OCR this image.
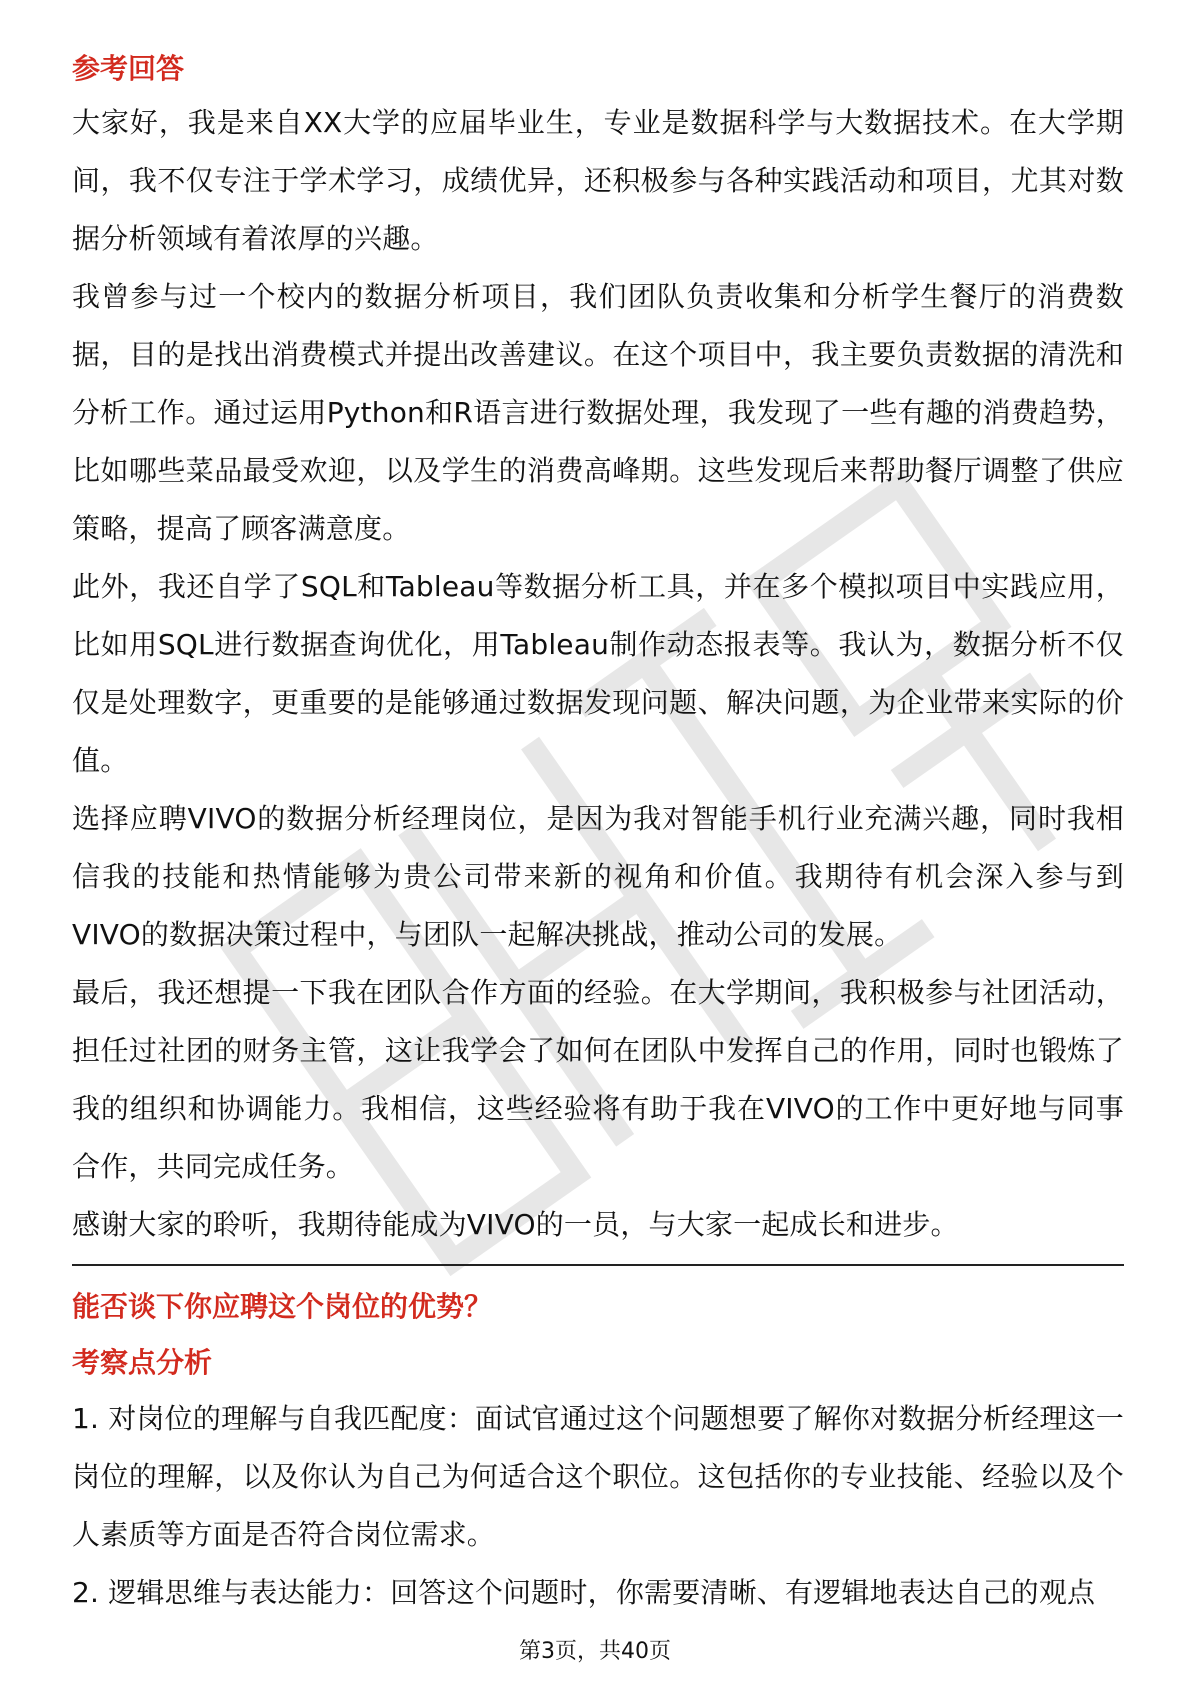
参考回答

大家好，我是来自XX大学的应届毕业生，专业是数据科学与大数据技术。在大学期间，我不仅专注于学术学习，成绩优异，还积极参与各种实践活动和项目，尤其对数据分析领域有着浓厚的兴趣。

我曾参与过一个校内的数据分析项目，我们团队负责收集和分析学生餐厅的消费数据，目的是找出消费模式并提出改善建议。在这个项目中，我主要负责数据的清洗和分析工作。通过运用Python和R语言进行数据处理，我发现了一些有趣的消费趋势，比如哪些菜品最受欢迎，以及学生的消费高峰期。这些发现后来帮助餐厅调整了供应策略，提高了顾客满意度。

此外，我还自学了SQL和Tableau等数据分析工具，并在多个模拟项目中实践应用，比如用SQL进行数据查询优化，用Tableau制作动态报表等。我认为，数据分析不仅仅是处理数字，更重要的是能够通过数据发现问题、解决问题，为企业带来实际的价值。

选择应聘VIVO的数据分析经理岗位，是因为我对智能手机行业充满兴趣，同时我相信我的技能和热情能够为贵公司带来新的视角和价值。我期待有机会深入参与到VIVO的数据决策过程中，与团队一起解决挑战，推动公司的发展。

最后，我还想提一下我在团队合作方面的经验。在大学期间，我积极参与社团活动，担任过社团的财务主管，这让我学会了如何在团队中发挥自己的作用，同时也锻炼了我的组织和协调能力。我相信，这些经验将有助于我在VIVO的工作中更好地与同事合作，共同完成任务。

感谢大家的聆听，我期待能成为VIVO的一员，与大家一起成长和进步。

能否谈下你应聘这个岗位的优势？
考察点分析

1. 对岗位的理解与自我匹配度：面试官通过这个问题想要了解你对数据分析经理这一岗位的理解，以及你认为自己为何适合这个职位。这包括你的专业技能、经验以及个人素质等方面是否符合岗位需求。

2. 逻辑思维与表达能力：回答这个问题时，你需要清晰、有逻辑地表达自己的观点

第3页，共40页
